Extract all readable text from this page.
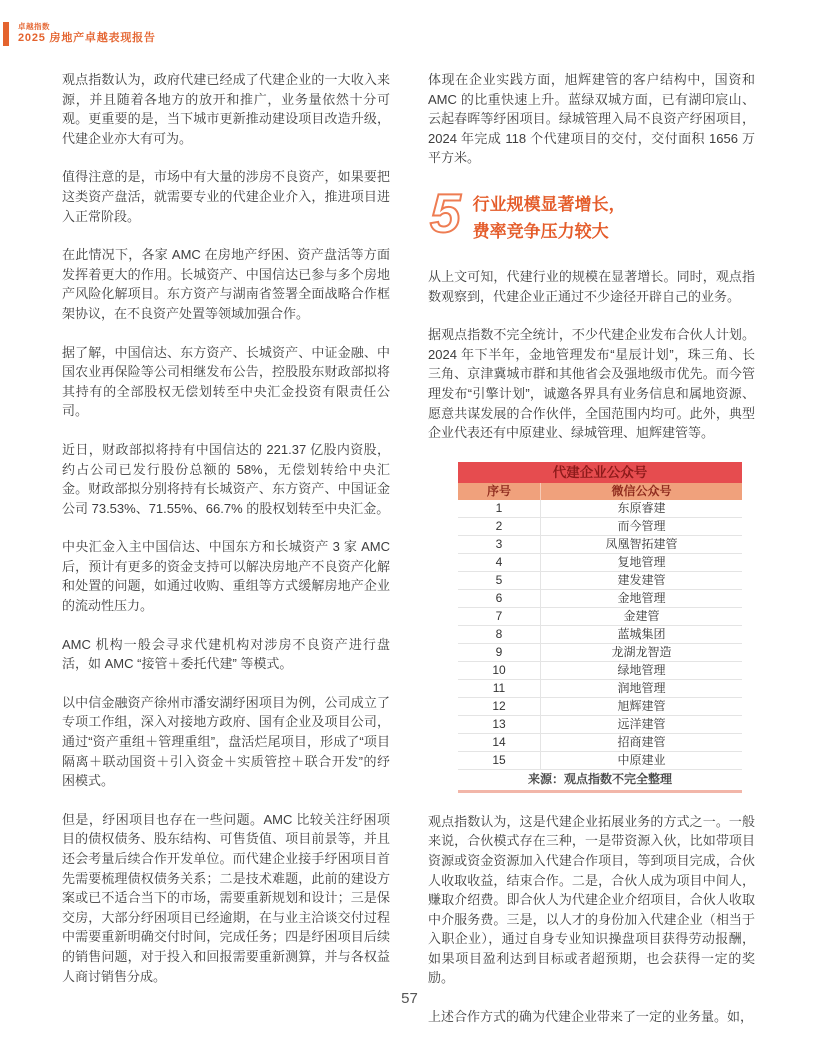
卓越指数
2025 房地产卓越表现报告

观点指数认为，政府代建已经成了代建企业的一大收入来源，并且随着各地方的放开和推广，业务量依然十分可观。更重要的是，当下城市更新推动建设项目改造升级，代建企业亦大有可为。

值得注意的是，市场中有大量的涉房不良资产，如果要把这类资产盘活，就需要专业的代建企业介入，推进项目进入正常阶段。

在此情况下，各家 AMC 在房地产纾困、资产盘活等方面发挥着更大的作用。长城资产、中国信达已参与多个房地产风险化解项目。东方资产与湖南省签署全面战略合作框架协议，在不良资产处置等领域加强合作。

据了解，中国信达、东方资产、长城资产、中证金融、中国农业再保险等公司相继发布公告，控股股东财政部拟将其持有的全部股权无偿划转至中央汇金投资有限责任公司。

近日，财政部拟将持有中国信达的 221.37 亿股内资股，约占公司已发行股份总额的 58%，无偿划转给中央汇金。财政部拟分别将持有长城资产、东方资产、中国证金公司 73.53%、71.55%、66.7% 的股权划转至中央汇金。

中央汇金入主中国信达、中国东方和长城资产 3 家 AMC 后，预计有更多的资金支持可以解决房地产不良资产化解和处置的问题，如通过收购、重组等方式缓解房地产企业的流动性压力。

AMC 机构一般会寻求代建机构对涉房不良资产进行盘活，如 AMC “接管＋委托代建” 等模式。

以中信金融资产徐州市潘安湖纾困项目为例，公司成立了专项工作组，深入对接地方政府、国有企业及项目公司，通过“资产重组＋管理重组”，盘活烂尾项目，形成了“项目隔离＋联动国资＋引入资金＋实质管控＋联合开发”的纾困模式。

但是，纾困项目也存在一些问题。AMC 比较关注纾困项目的债权债务、股东结构、可售货值、项目前景等，并且还会考量后续合作开发单位。而代建企业接手纾困项目首先需要梳理债权债务关系；二是技术难题，此前的建设方案或已不适合当下的市场，需要重新规划和设计；三是保交房，大部分纾困项目已经逾期，在与业主洽谈交付过程中需要重新明确交付时间，完成任务；四是纾困项目后续的销售问题，对于投入和回报需要重新测算，并与各权益人商讨销售分成。

体现在企业实践方面，旭辉建管的客户结构中，国资和 AMC 的比重快速上升。蓝绿双城方面，已有湖印宸山、云起春晖等纾困项目。绿城管理入局不良资产纾困项目，2024 年完成 118 个代建项目的交付，交付面积 1656 万平方米。

5 行业规模显著增长，
费率竞争压力较大

从上文可知，代建行业的规模在显著增长。同时，观点指数观察到，代建企业正通过不少途径开辟自己的业务。

据观点指数不完全统计，不少代建企业发布合伙人计划。2024 年下半年，金地管理发布“星辰计划”，珠三角、长三角、京津冀城市群和其他省会及强地级市优先。而今管理发布“引擎计划”，诚邀各界具有业务信息和属地资源、愿意共谋发展的合作伙伴，全国范围内均可。此外，典型企业代表还有中原建业、绿城管理、旭辉建管等。

代建企业公众号
序号	微信公众号
1	东原睿建
2	而今管理
3	凤凰智拓建管
4	复地管理
5	建发建管
6	金地管理
7	金建管
8	蓝城集团
9	龙湖龙智造
10	绿地管理
11	润地管理
12	旭辉建管
13	远洋建管
14	招商建管
15	中原建业
来源：观点指数不完全整理

观点指数认为，这是代建企业拓展业务的方式之一。一般来说，合伙模式存在三种，一是带资源入伙，比如带项目资源或资金资源加入代建合作项目，等到项目完成，合伙人收取收益，结束合作。二是，合伙人成为项目中间人，赚取介绍费。即合伙人为代建企业介绍项目，合伙人收取中介服务费。三是，以人才的身份加入代建企业（相当于入职企业），通过自身专业知识操盘项目获得劳动报酬，如果项目盈利达到目标或者超预期，也会获得一定的奖励。

上述合作方式的确为代建企业带来了一定的业务量。如，

57
